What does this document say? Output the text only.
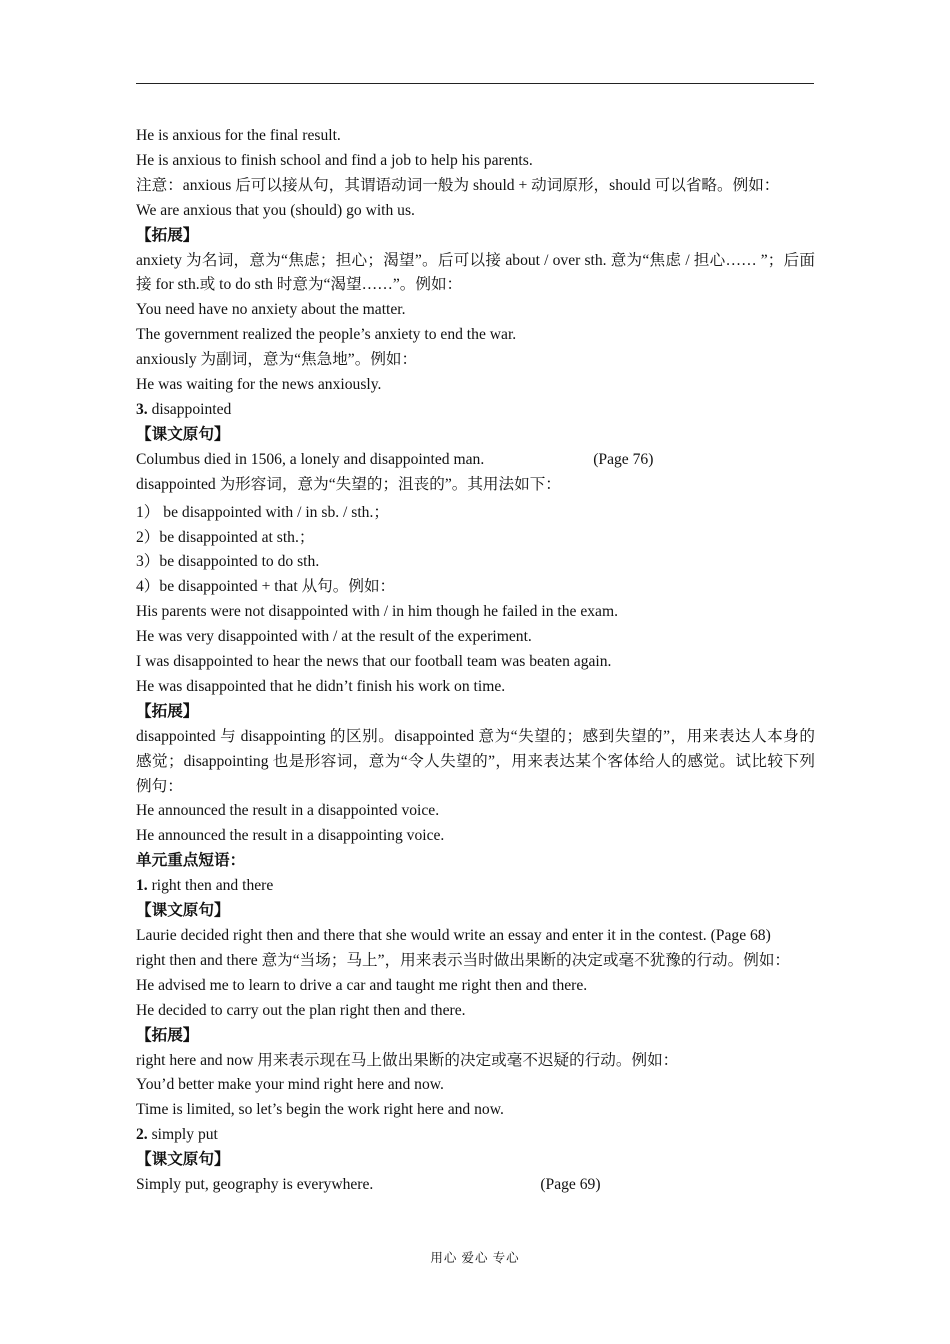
He is anxious for the final result.

He is anxious to finish school and find a job to help his parents.

注意：anxious 后可以接从句，其谓语动词一般为 should + 动词原形，should 可以省略。例如：

We are anxious that you (should) go with us.

【拓展】

anxiety 为名词，意为“焦虑；担心；渴望”。后可以接 about / over sth. 意为“焦虑 / 担心…… ”；后面接 for sth.或 to do sth 时意为“渴望……”。例如：

You need have no anxiety about the matter.

The government realized the people’s anxiety to end the war.

anxiously 为副词，意为“焦急地”。例如：

He was waiting for the news anxiously.

3. disappointed

【课文原句】

Columbus died in 1506, a lonely and disappointed man.	(Page 76)

disappointed 为形容词，意为“失望的；沮丧的”。其用法如下：

1） be disappointed with / in sb. / sth.；

2）be disappointed at sth.；

3）be disappointed to do sth.

4）be disappointed + that 从句。例如：

His parents were not disappointed with / in him though he failed in the exam.

He was very disappointed with / at the result of the experiment.

I was disappointed to hear the news that our football team was beaten again.

He was disappointed that he didn’t finish his work on time.

【拓展】

disappointed 与 disappointing 的区别。disappointed 意为“失望的；感到失望的”，用来表达人本身的感觉；disappointing 也是形容词，意为“令人失望的”，用来表达某个客体给人的感觉。试比较下列例句：

He announced the result in a disappointed voice.

He announced the result in a disappointing voice.

单元重点短语：

1. right then and there

【课文原句】

Laurie decided right then and there that she would write an essay and enter it in the contest. (Page 68)

right then and there 意为“当场；马上”，用来表示当时做出果断的决定或毫不犹豫的行动。例如：

He advised me to learn to drive a car and taught me right then and there.

He decided to carry out the plan right then and there.

【拓展】

right here and now 用来表示现在马上做出果断的决定或毫不迟疑的行动。例如：

You’d better make your mind right here and now.

Time is limited, so let’s begin the work right here and now.

2. simply put

【课文原句】

Simply put, geography is everywhere.	(Page 69)

用心 爱心 专心
